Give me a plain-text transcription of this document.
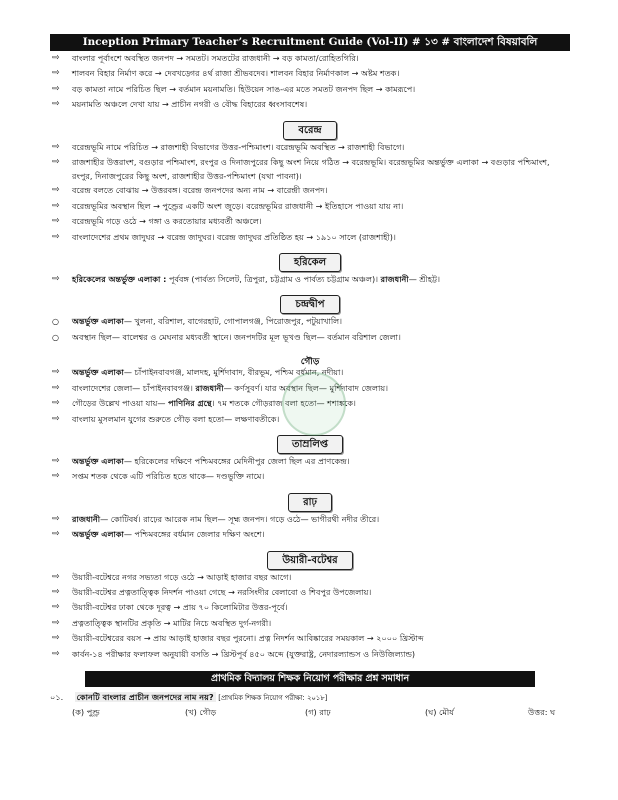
Inception Primary Teacher’s Recruitment Guide (Vol-II) # ১৩ # বাংলাদেশ বিষয়াবলি
⇨ বাংলার পূর্বাংশে অবস্থিত জনপদ → সমতট। সমতটের রাজধানী → বড় কামতা/রোহিতগিরি।
⇨ শালবন বিহার নির্মাণ করে → দেবখড়্গের ৪র্থ রাজা শ্রীভবদেব। শালবন বিহার নির্মাণকাল → অষ্টম শতক।
⇨ বড় কামতা নামে পরিচিত ছিল → বর্তমান ময়নামতি। হিউয়েন সাঙ-এর মতে সমতট জনপদ ছিল → কামরূপে।
⇨ ময়নামতি অঞ্চলে দেখা যায় → প্রাচীন নগরী ও বৌদ্ধ বিহারের ধ্বংসাবশেষ।
বরেন্দ্র
⇨ বরেন্দ্রভূমি নামে পরিচিত → রাজশাহী বিভাগের উত্তর-পশ্চিমাংশ। বরেন্দ্রভূমি অবস্থিত → রাজশাহী বিভাগে।
⇨ রাজশাহীর উত্তরাংশ, বগুড়ার পশ্চিমাংশ, রংপুর ও দিনাজপুরের কিছু অংশ নিয়ে গঠিত → বরেন্দ্রভূমি। বরেন্দ্রভূমির অন্তর্ভুক্ত এলাকা → বগুড়ার পশ্চিমাংশ, রংপুর, দিনাজপুরের কিছু অংশ, রাজশাহীর উত্তর-পশ্চিমাংশ (যথা পাবনা)।
⇨ বরেন্দ্র বলতে বোঝায় → উত্তরবঙ্গ। বরেন্দ্র জনপদের অন্য নাম → বারেন্দ্রী জনপদ।
⇨ বরেন্দ্রভূমির অবস্থান ছিল → পুণ্ড্রের একটি অংশ জুড়ে। বরেন্দ্রভূমির রাজধানী → ইতিহাসে পাওয়া যায় না।
⇨ বরেন্দ্রভূমি গড়ে ওঠে → গঙ্গা ও করতোয়ার মধ্যবর্তী অঞ্চলে।
⇨ বাংলাদেশের প্রথম জাদুঘর → বরেন্দ্র জাদুঘর। বরেন্দ্র জাদুঘর প্রতিষ্ঠিত হয় → ১৯১০ সালে (রাজশাহী)।
হরিকেল
⇨ হরিকেলের অন্তর্ভুক্ত এলাকা : পূর্ববঙ্গ (পার্বত্য সিলেট, ত্রিপুরা, চট্টগ্রাম ও পার্বত্য চট্টগ্রাম অঞ্চল)। রাজধানী— শ্রীহট্ট।
চন্দ্রদ্বীপ
○ অন্তর্ভুক্ত এলাকা— খুলনা, বরিশাল, বাগেরহাট, গোপালগঞ্জ, পিরোজপুর, পটুয়াখালি।
○ অবস্থান ছিল— বালেশ্বর ও মেঘনার মধ্যবর্তী স্থানে। জনপদটির মূল ভূখণ্ড ছিল— বর্তমান বরিশাল জেলা।
গৌড়
⇨ অন্তর্ভুক্ত এলাকা— চাঁপাইনবাবগঞ্জ, মালদহ, মুর্শিদাবাদ, বীরভূম, পশ্চিম বর্ধমান, নদীয়া।
⇨ বাংলাদেশের জেলা— চাঁপাইনবাবগঞ্জ। রাজধানী— কর্ণসুবর্ণ। যার অবস্থান ছিল— মুর্শিদাবাদ জেলায়।
⇨ গৌড়ের উল্লেখ পাওয়া যায়— পাণিনির গ্রন্থে। ৭ম শতকে গৌড়রাজ বলা হতো— শশাঙ্ককে।
⇨ বাংলায় মুসলমান যুগের শুরুতে গৌড় বলা হতো— লক্ষণাবতীকে।
তাম্রলিপ্ত
⇨ অন্তর্ভুক্ত এলাকা— হরিকেলের দক্ষিণে পশ্চিমবঙ্গের মেদিনীপুর জেলা ছিল এর প্রাণকেন্দ্র।
⇨ সপ্তম শতক থেকে এটি পরিচিত হতে থাকে— দণ্ডভুক্তি নামে।
রাঢ়
⇨ রাজধানী— কোটিবর্ষ। রাঢ়ের আরেক নাম ছিল— সূহ্ম জনপদ। গড়ে ওঠে— ভাগীরথী নদীর তীরে।
⇨ অন্তর্ভুক্ত এলাকা— পশ্চিমবঙ্গের বর্ধমান জেলার দক্ষিণ অংশে।
উয়ারী-বটেশ্বর
⇨ উয়ারী-বটেশ্বরে নগর সভ্যতা গড়ে ওঠে → আড়াই হাজার বছর আগে।
⇨ উয়ারী-বটেশ্বর প্রত্নতাত্ত্বিক নিদর্শন পাওয়া গেছে → নরসিংদীর বেলাবো ও শিবপুর উপজেলায়।
⇨ উয়ারী-বটেশ্বর ঢাকা থেকে দূরত্ব → প্রায় ৭০ কিলোমিটার উত্তর-পূর্বে।
⇨ প্রত্নতাত্ত্বিক স্থানটির প্রকৃতি → মাটির নিচে অবস্থিত দুর্গ-নগরী।
⇨ উয়ারী-বটেশ্বরের বয়স → প্রায় আড়াই হাজার বছর পুরনো। প্রত্ন নিদর্শন আবিষ্কারের সময়কাল → ২০০০ খ্রিস্টাব্দ
⇨ কার্বন-১৪ পরীক্ষার ফলাফল অনুযায়ী বসতি → খ্রিস্টপূর্ব ৪৫০ অব্দে (যুক্তরাষ্ট্র, নেদারল্যান্ডস ও নিউজিল্যান্ড)
প্রাথমিক বিদ্যালয় শিক্ষক নিয়োগ পরীক্ষার প্রশ্ন সমাধান
০১. কোনটি বাংলার প্রাচীন জনপদের নাম নয়? [প্রাথমিক শিক্ষক নিয়োগ পরীক্ষা: ২০১৮]
(ক) পুণ্ড্র	(খ) গৌড়	(গ) রাঢ়	(ঘ) মৌর্য	উত্তর: ঘ
